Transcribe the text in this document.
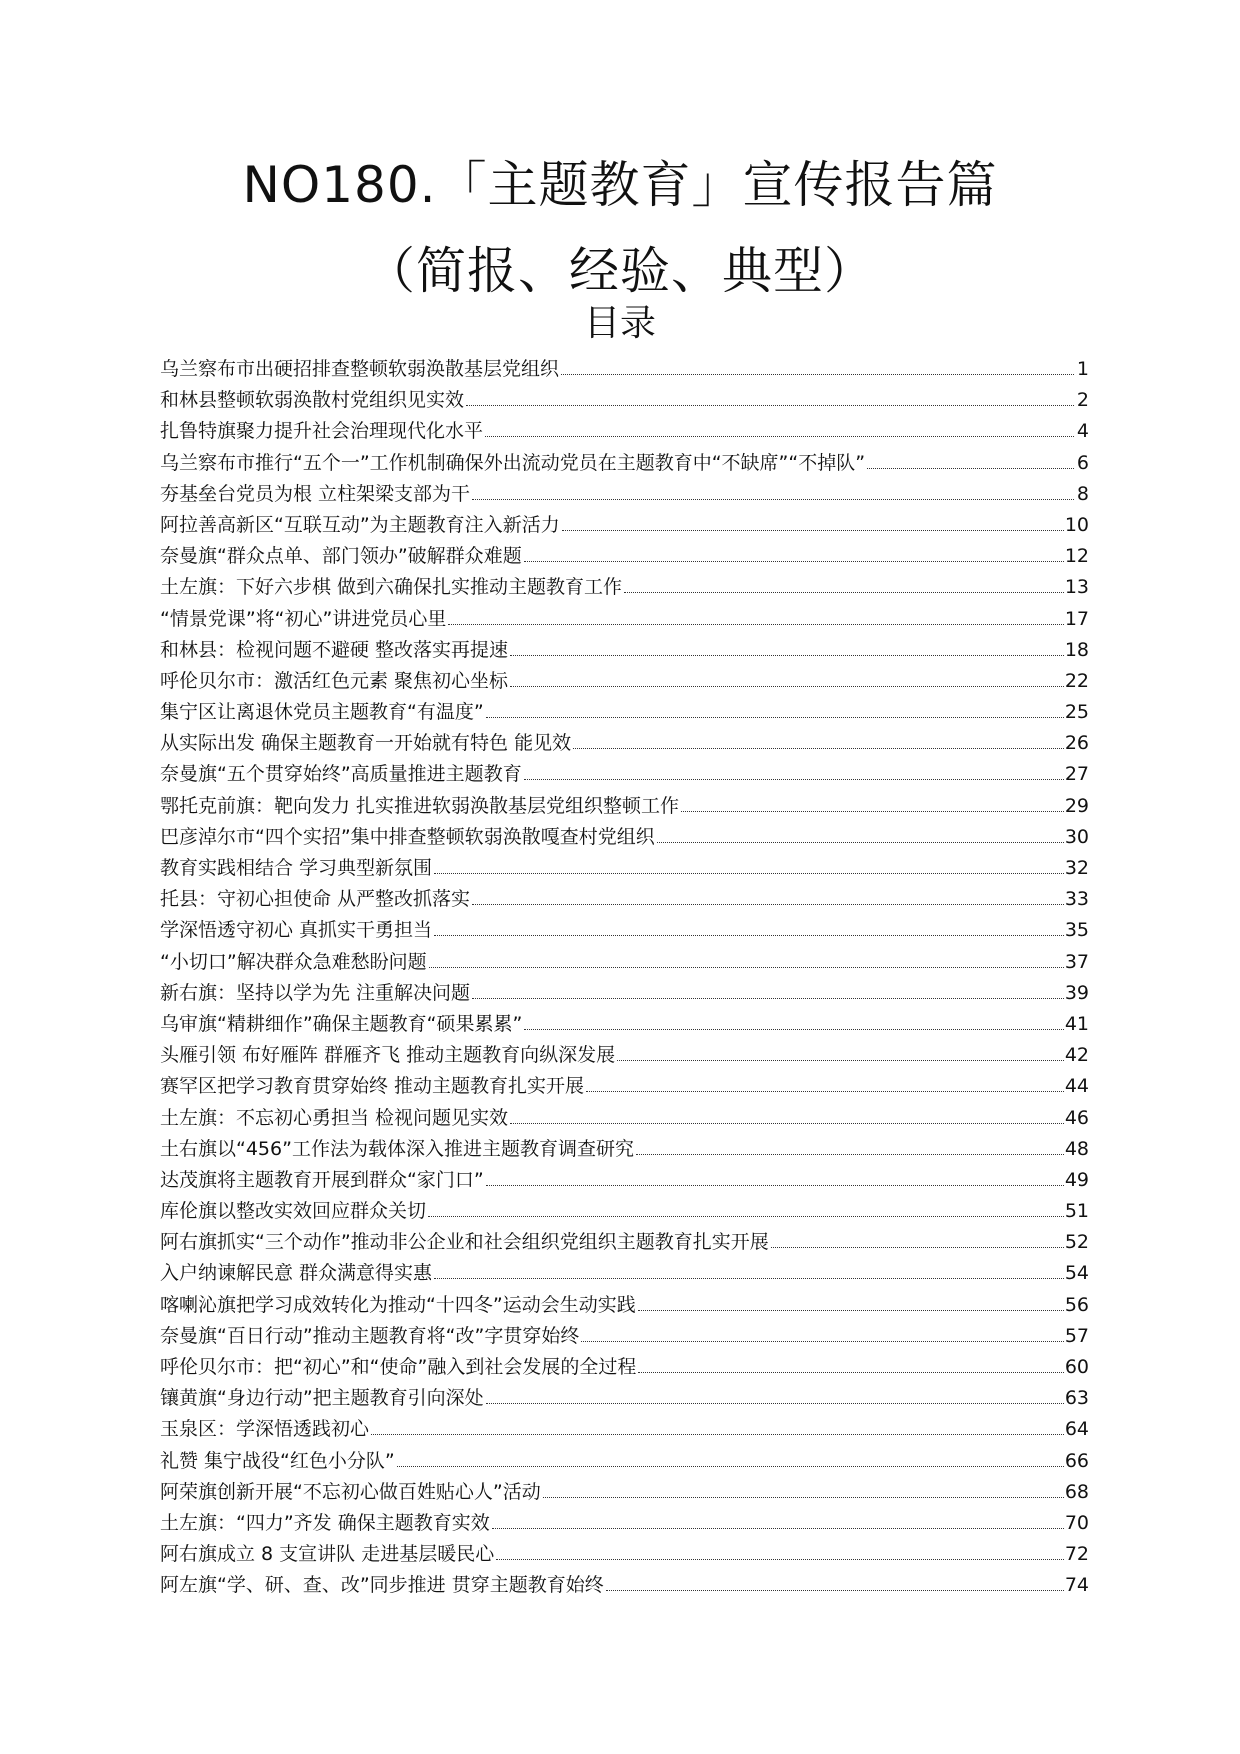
NO180.「主题教育」宣传报告篇
（简报、经验、典型）
目录
乌兰察布市出硬招排查整顿软弱涣散基层党组织	1
和林县整顿软弱涣散村党组织见实效	2
扎鲁特旗聚力提升社会治理现代化水平	4
乌兰察布市推行“五个一”工作机制确保外出流动党员在主题教育中“不缺席”“不掉队”	6
夯基垒台党员为根 立柱架梁支部为干	8
阿拉善高新区“互联互动”为主题教育注入新活力	10
奈曼旗“群众点单、部门领办”破解群众难题	12
土左旗：下好六步棋 做到六确保扎实推动主题教育工作	13
“情景党课”将“初心”讲进党员心里	17
和林县：检视问题不避硬 整改落实再提速	18
呼伦贝尔市：激活红色元素 聚焦初心坐标	22
集宁区让离退休党员主题教育“有温度”	25
从实际出发 确保主题教育一开始就有特色 能见效	26
奈曼旗“五个贯穿始终”高质量推进主题教育	27
鄂托克前旗：靶向发力 扎实推进软弱涣散基层党组织整顿工作	29
巴彦淖尔市“四个实招”集中排查整顿软弱涣散嘎查村党组织	30
教育实践相结合 学习典型新氛围	32
托县：守初心担使命 从严整改抓落实	33
学深悟透守初心 真抓实干勇担当	35
“小切口”解决群众急难愁盼问题	37
新右旗：坚持以学为先 注重解决问题	39
乌审旗“精耕细作”确保主题教育“硕果累累”	41
头雁引领 布好雁阵 群雁齐飞 推动主题教育向纵深发展	42
赛罕区把学习教育贯穿始终 推动主题教育扎实开展	44
土左旗：不忘初心勇担当 检视问题见实效	46
土右旗以“456”工作法为载体深入推进主题教育调查研究	48
达茂旗将主题教育开展到群众“家门口”	49
库伦旗以整改实效回应群众关切	51
阿右旗抓实“三个动作”推动非公企业和社会组织党组织主题教育扎实开展	52
入户纳谏解民意 群众满意得实惠	54
喀喇沁旗把学习成效转化为推动“十四冬”运动会生动实践	56
奈曼旗“百日行动”推动主题教育将“改”字贯穿始终	57
呼伦贝尔市：把“初心”和“使命”融入到社会发展的全过程	60
镶黄旗“身边行动”把主题教育引向深处	63
玉泉区：学深悟透践初心	64
礼赞 集宁战役“红色小分队”	66
阿荣旗创新开展“不忘初心做百姓贴心人”活动	68
土左旗：“四力”齐发 确保主题教育实效	70
阿右旗成立 8 支宣讲队 走进基层暖民心	72
阿左旗“学、研、查、改”同步推进 贯穿主题教育始终	74
